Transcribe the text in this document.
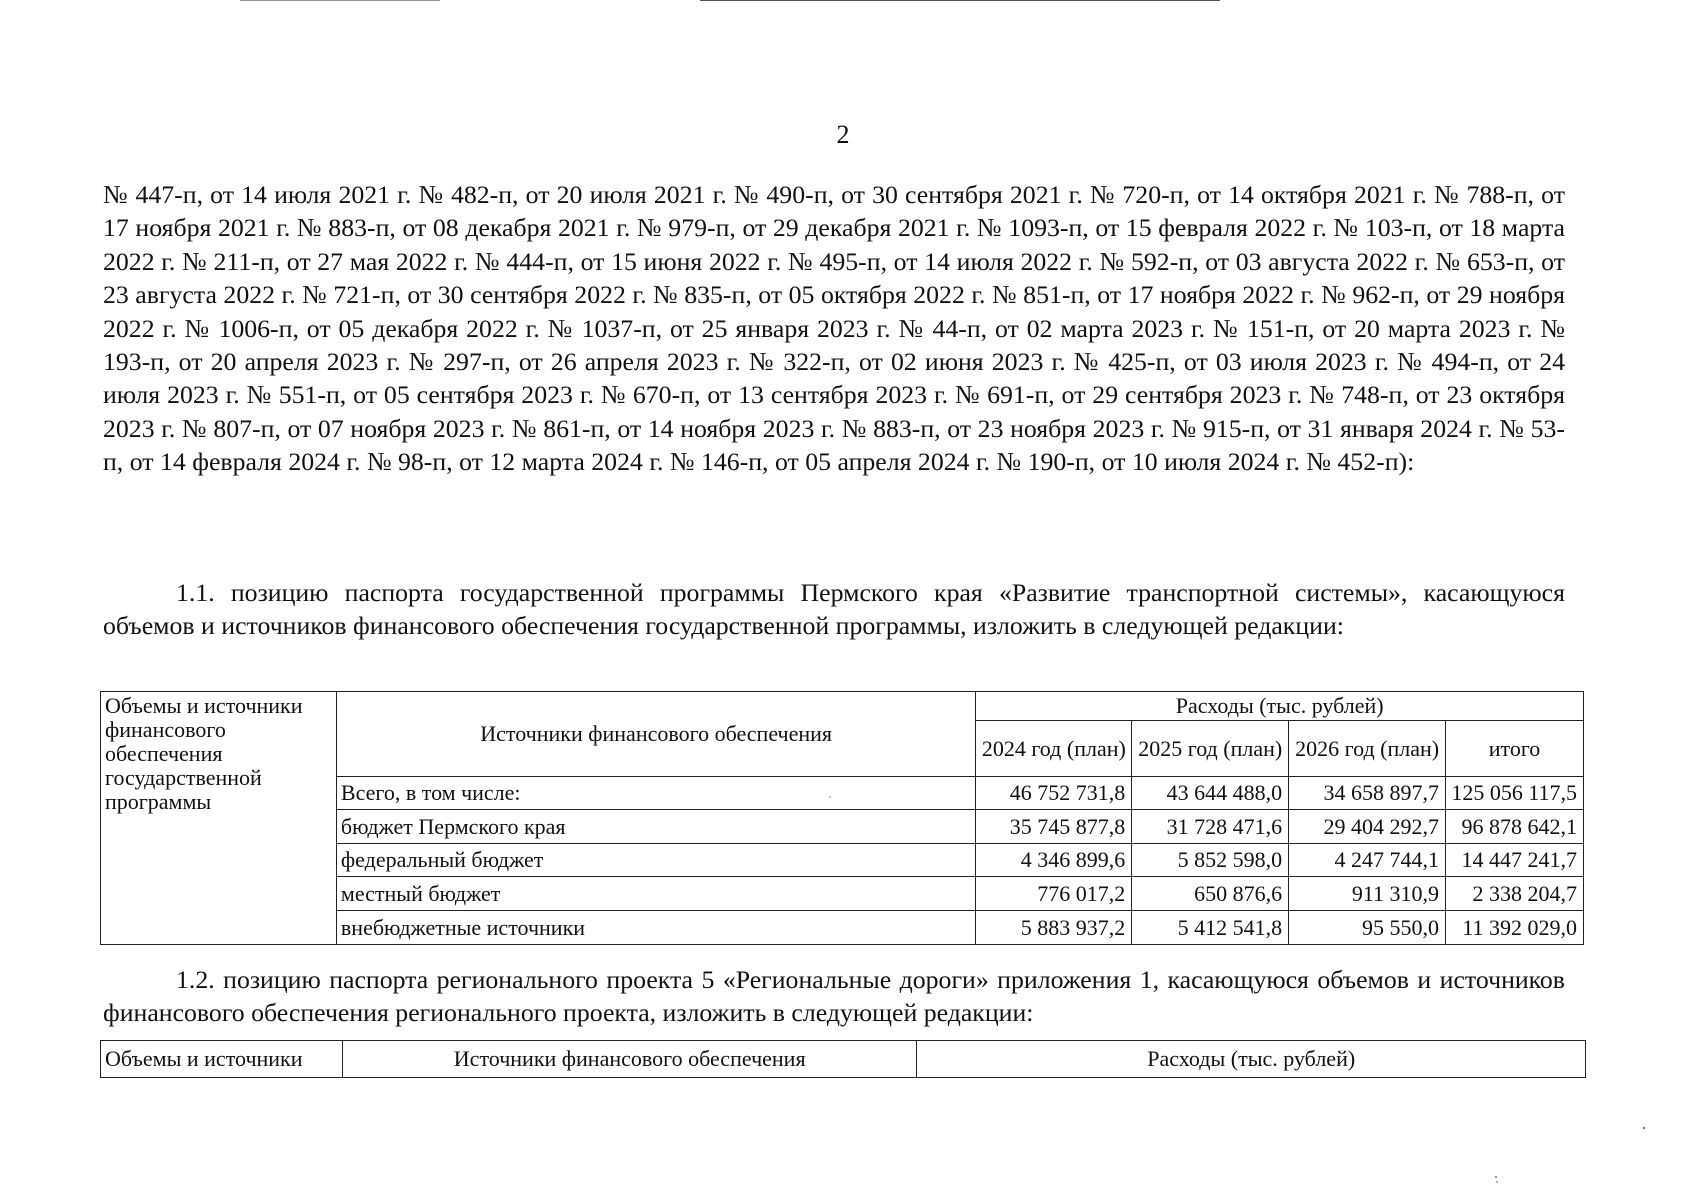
2
№ 447-п, от 14 июля 2021 г. № 482-п, от 20 июля 2021 г. № 490-п, от 30 сентября 2021 г. № 720-п, от 14 октября 2021 г. № 788-п, от 17 ноября 2021 г. № 883-п, от 08 декабря 2021 г. № 979-п, от 29 декабря 2021 г. № 1093-п, от 15 февраля 2022 г. № 103-п, от 18 марта 2022 г. № 211-п, от 27 мая 2022 г. № 444-п, от 15 июня 2022 г. № 495-п, от 14 июля 2022 г. № 592-п, от 03 августа 2022 г. № 653-п, от 23 августа 2022 г. № 721-п, от 30 сентября 2022 г. № 835-п, от 05 октября 2022 г. № 851-п, от 17 ноября 2022 г. № 962-п, от 29 ноября 2022 г. № 1006-п, от 05 декабря 2022 г. № 1037-п, от 25 января 2023 г. № 44-п, от 02 марта 2023 г. № 151-п, от 20 марта 2023 г. № 193-п, от 20 апреля 2023 г. № 297-п, от 26 апреля 2023 г. № 322-п, от 02 июня 2023 г. № 425-п, от 03 июля 2023 г. № 494-п, от 24 июля 2023 г. № 551-п, от 05 сентября 2023 г. № 670-п, от 13 сентября 2023 г. № 691-п, от 29 сентября 2023 г. № 748-п, от 23 октября 2023 г. № 807-п, от 07 ноября 2023 г. № 861-п, от 14 ноября 2023 г. № 883-п, от 23 ноября 2023 г. № 915-п, от 31 января 2024 г. № 53-п, от 14 февраля 2024 г. № 98-п, от 12 марта 2024 г. № 146-п, от 05 апреля 2024 г. № 190-п, от 10 июля 2024 г. № 452-п):
1.1. позицию паспорта государственной программы Пермского края «Развитие транспортной системы», касающуюся объемов и источников финансового обеспечения государственной программы, изложить в следующей редакции:
Объемы и источники финансового обеспечения государственной программы	Источники финансового обеспечения	Расходы (тыс. рублей)			
		2024 год (план)	2025 год (план)	2026 год (план)	итого
	Всего, в том числе:	46 752 731,8	43 644 488,0	34 658 897,7	125 056 117,5
	бюджет Пермского края	35 745 877,8	31 728 471,6	29 404 292,7	96 878 642,1
	федеральный бюджет	4 346 899,6	5 852 598,0	4 247 744,1	14 447 241,7
	местный бюджет	776 017,2	650 876,6	911 310,9	2 338 204,7
	внебюджетные источники	5 883 937,2	5 412 541,8	95 550,0	11 392 029,0
1.2. позицию паспорта регионального проекта 5 «Региональные дороги» приложения 1, касающуюся объемов и источников финансового обеспечения регионального проекта, изложить в следующей редакции:
Объемы и источники	Источники финансового обеспечения	Расходы (тыс. рублей)
